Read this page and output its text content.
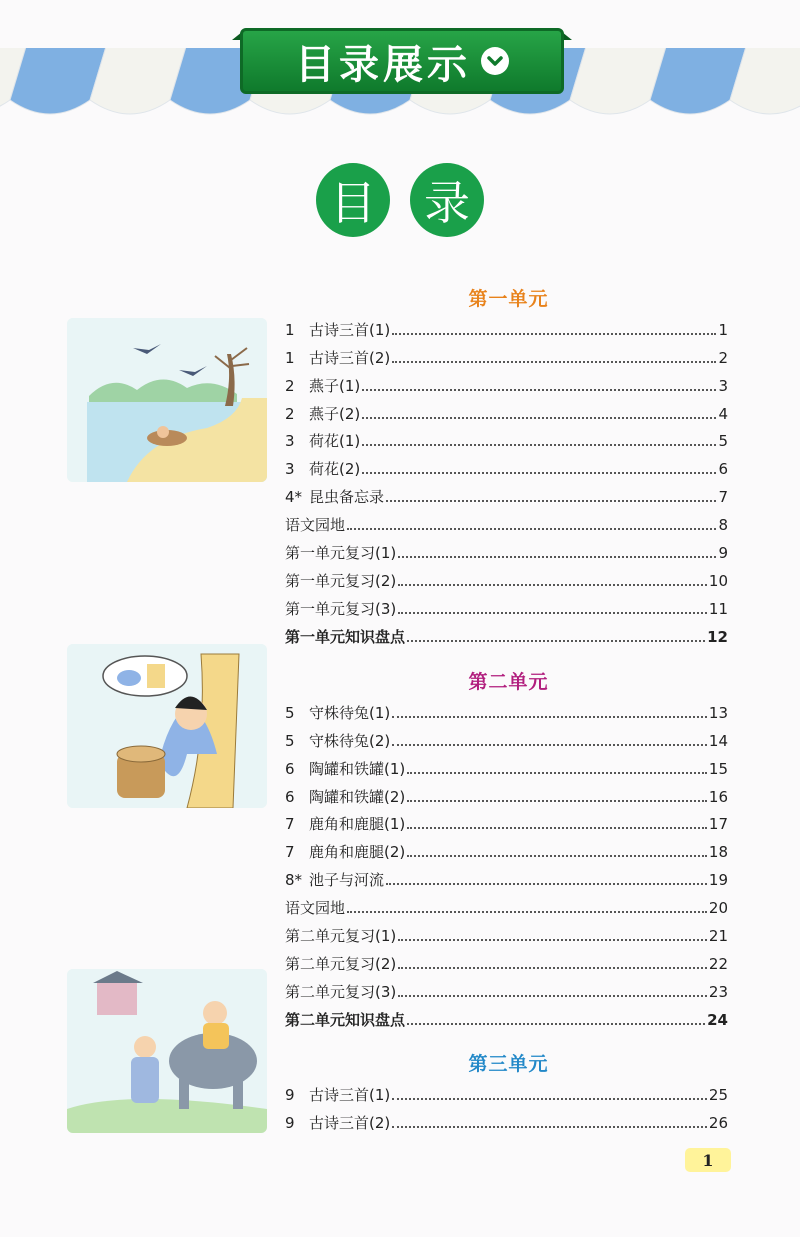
目录展示
目	录
第一单元
1 古诗三首(1)	1
1 古诗三首(2)	2
2 燕子(1)	3
2 燕子(2)	4
3 荷花(1)	5
3 荷花(2)	6
4* 昆虫备忘录	7
语文园地	8
第一单元复习(1)	9
第一单元复习(2)	10
第一单元复习(3)	11
第一单元知识盘点	12
第二单元
5 守株待兔(1)	13
5 守株待兔(2)	14
6 陶罐和铁罐(1)	15
6 陶罐和铁罐(2)	16
7 鹿角和鹿腿(1)	17
7 鹿角和鹿腿(2)	18
8* 池子与河流	19
语文园地	20
第二单元复习(1)	21
第二单元复习(2)	22
第二单元复习(3)	23
第二单元知识盘点	24
第三单元
9 古诗三首(1)	25
9 古诗三首(2)	26
1
